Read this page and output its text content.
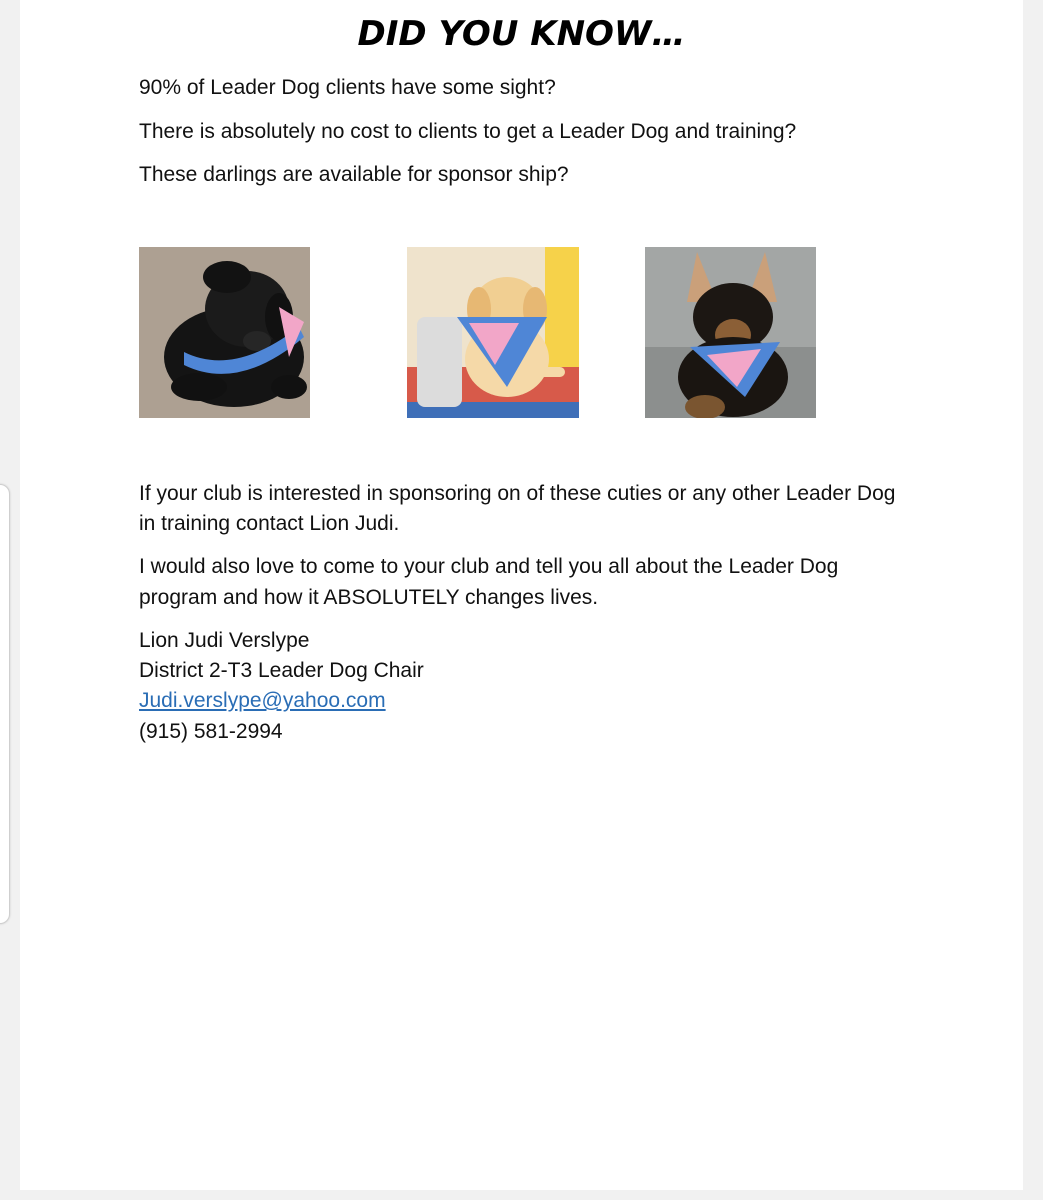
DID YOU KNOW…

90% of Leader Dog clients have some sight?

There is absolutely no cost to clients to get a Leader Dog and training?

These darlings are available for sponsor ship?

If your club is interested in sponsoring on of these cuties or any other Leader Dog

in training contact Lion Judi.

I would also love to come to your club and tell you all about the Leader Dog

program and how it ABSOLUTELY changes lives.

Lion Judi Verslype

District 2-T3 Leader Dog Chair

Judi.verslype@yahoo.com

(915) 581-2994
